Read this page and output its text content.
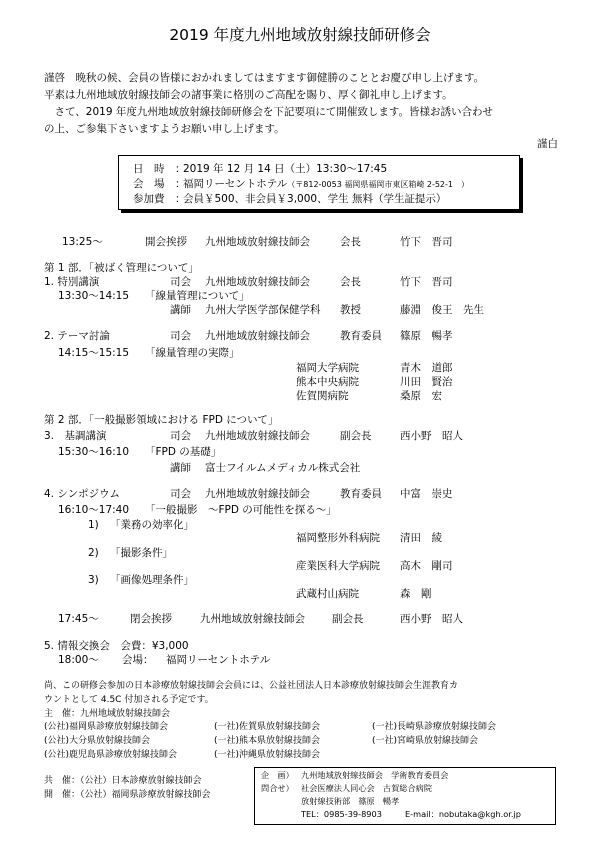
2019 年度九州地域放射線技師研修会

謹啓　晩秋の候、会員の皆様におかれましてはますます御健勝のこととお慶び申し上げます。

平素は九州地域放射線技師会の諸事業に格別のご高配を賜り、厚く御礼申し上げます。

　さて、2019 年度九州地域放射線技師研修会を下記要項にて開催致します。皆様お誘い合わせ

の上、ご参集下さいますようお願い申し上げます。

謹白
日　時　：2019 年 12 月 14 日（土）13:30～17:45
会　場　：福岡リーセントホテル（〒812-0053 福岡県福岡市東区箱崎 2-52-1　）
参加費　：会員￥500、非会員￥3,000、学生 無料（学生証提示）
13:25～	開会挨拶 九州地域放射線技師会	会長	竹下　晋司
第 1 部．「被ばく管理について」
1. 特別講演	司会 九州地域放射線技師会	会長	竹下　晋司
13:30～14:15 「線量管理について」
講師 九州大学医学部保健学科 教授	藤淵　俊王　先生
2. テーマ討論	司会 九州地域放射線技師会	教育委員 篠原　暢孝
14:15～15:15 「線量管理の実際」
福岡大学病院	青木　道郎
熊本中央病院	川田　賢治
佐賀関病院	桑原　宏
第 2 部．「一般撮影領域における FPD について」
3.　基調講演	司会 九州地域放射線技師会	副会長	西小野　昭人
15:30～16:10 「FPD の基礎」
講師 富士フイルムメディカル株式会社
4. シンポジウム	司会 九州地域放射線技師会	教育委員 中富　崇史
16:10～17:40 「一般撮影　～FPD の可能性を探る～」
1) 「業務の効率化」
福岡整形外科病院 清田　綾
2) 「撮影条件」
産業医科大学病院 高木　剛司
3) 「画像処理条件」
武蔵村山病院	森　剛
17:45～	閉会挨拶	九州地域放射線技師会	副会長	西小野　昭人
5. 情報交換会　会費：¥3,000
18:00～ 会場： 福岡リーセントホテル
尚、この研修会参加の日本診療放射線技師会会員には、公益社団法人日本診療放射線技師会生涯教育カ
ウントとして 4.5C 付加される予定です。
主　催：九州地域放射線技師会
(公社)福岡県診療放射線技師会	(一社)佐賀県放射線技師会	(一社)長崎県診療放射線技師会
(公社)大分県放射線技師会	(一社)熊本県放射線技師会	(一社)宮崎県放射線技師会
(公社)鹿児島県診療放射線技師会	(一社)沖縄県放射線技師会
共　催：（公社）日本診療放射線技師会
開　催：（公社）福岡県診療放射線技師会
企　画） 九州地域放射線技師会　学術教育委員会
問合せ） 社会医療法人同心会　古賀総合病院
放射線技術部　篠原　暢孝
TEL：0985-39-8903	E-mail：nobutaka@kgh.or.jp
